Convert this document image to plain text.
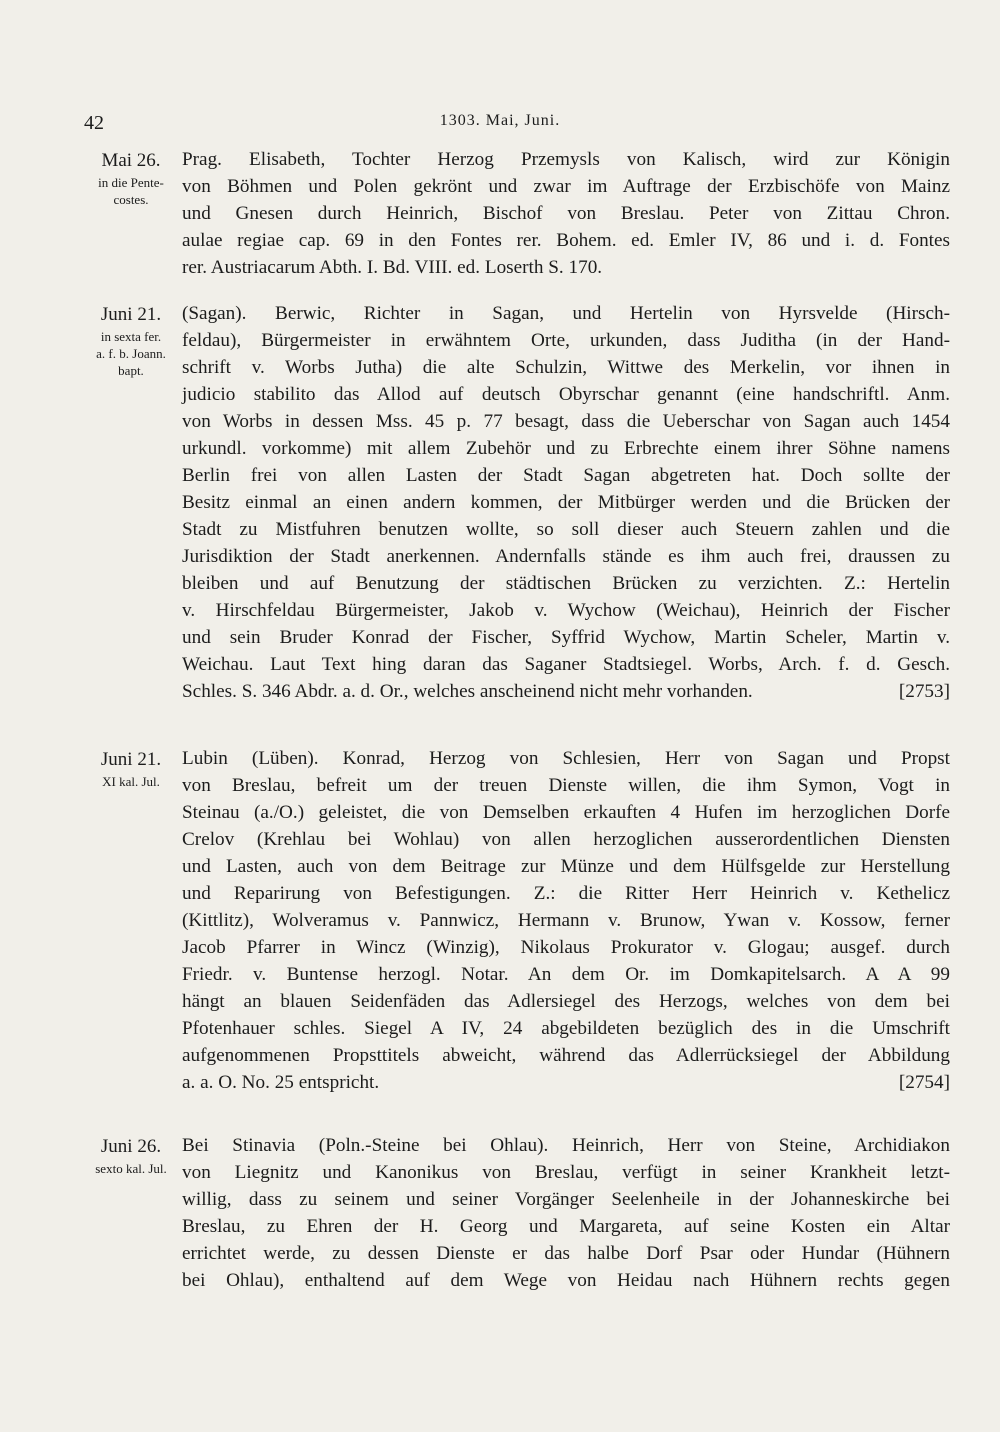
42	1303. Mai, Juni.
Mai 26.
in die Pente-
costes.

Prag. Elisabeth, Tochter Herzog Przemysls von Kalisch, wird zur Königin

von Böhmen und Polen gekrönt und zwar im Auftrage der Erzbischöfe von Mainz

und Gnesen durch Heinrich, Bischof von Breslau. Peter von Zittau Chron.

aulae regiae cap. 69 in den Fontes rer. Bohem. ed. Emler IV, 86 und i. d. Fontes

rer. Austriacarum Abth. I. Bd. VIII. ed. Loserth S. 170.

Juni 21.
in sexta fer.
a. f. b. Joann.
bapt.

(Sagan). Berwic, Richter in Sagan, und Hertelin von Hyrsvelde (Hirsch-

feldau), Bürgermeister in erwähntem Orte, urkunden, dass Juditha (in der Hand-

schrift v. Worbs Jutha) die alte Schulzin, Wittwe des Merkelin, vor ihnen in

judicio stabilito das Allod auf deutsch Obyrschar genannt (eine handschriftl. Anm.

von Worbs in dessen Mss. 45 p. 77 besagt, dass die Ueberschar von Sagan auch 1454

urkundl. vorkomme) mit allem Zubehör und zu Erbrechte einem ihrer Söhne namens

Berlin frei von allen Lasten der Stadt Sagan abgetreten hat. Doch sollte der

Besitz einmal an einen andern kommen, der Mitbürger werden und die Brücken der

Stadt zu Mistfuhren benutzen wollte, so soll dieser auch Steuern zahlen und die

Jurisdiktion der Stadt anerkennen. Andernfalls stände es ihm auch frei, draussen zu

bleiben und auf Benutzung der städtischen Brücken zu verzichten. Z.: Hertelin

v. Hirschfeldau Bürgermeister, Jakob v. Wychow (Weichau), Heinrich der Fischer

und sein Bruder Konrad der Fischer, Syffrid Wychow, Martin Scheler, Martin v.

Weichau. Laut Text hing daran das Saganer Stadtsiegel. Worbs, Arch. f. d. Gesch.

Schles. S. 346 Abdr. a. d. Or., welches anscheinend nicht mehr vorhanden.	[2753]

Juni 21.
XI kal. Jul.

Lubin (Lüben). Konrad, Herzog von Schlesien, Herr von Sagan und Propst

von Breslau, befreit um der treuen Dienste willen, die ihm Symon, Vogt in

Steinau (a./O.) geleistet, die von Demselben erkauften 4 Hufen im herzoglichen Dorfe

Crelov (Krehlau bei Wohlau) von allen herzoglichen ausserordentlichen Diensten

und Lasten, auch von dem Beitrage zur Münze und dem Hülfsgelde zur Herstellung

und Reparirung von Befestigungen. Z.: die Ritter Herr Heinrich v. Kethelicz

(Kittlitz), Wolveramus v. Pannwicz, Hermann v. Brunow, Ywan v. Kossow, ferner

Jacob Pfarrer in Wincz (Winzig), Nikolaus Prokurator v. Glogau; ausgef. durch

Friedr. v. Buntense herzogl. Notar. An dem Or. im Domkapitelsarch. A A 99

hängt an blauen Seidenfäden das Adlersiegel des Herzogs, welches von dem bei

Pfotenhauer schles. Siegel A IV, 24 abgebildeten bezüglich des in die Umschrift

aufgenommenen Propsttitels abweicht, während das Adlerrücksiegel der Abbildung

a. a. O. No. 25 entspricht.	[2754]

Juni 26.
sexto kal. Jul.

Bei Stinavia (Poln.-Steine bei Ohlau). Heinrich, Herr von Steine, Archidiakon

von Liegnitz und Kanonikus von Breslau, verfügt in seiner Krankheit letzt-

willig, dass zu seinem und seiner Vorgänger Seelenheile in der Johanneskirche bei

Breslau, zu Ehren der H. Georg und Margareta, auf seine Kosten ein Altar

errichtet werde, zu dessen Dienste er das halbe Dorf Psar oder Hundar (Hühnern

bei Ohlau), enthaltend auf dem Wege von Heidau nach Hühnern rechts gegen
